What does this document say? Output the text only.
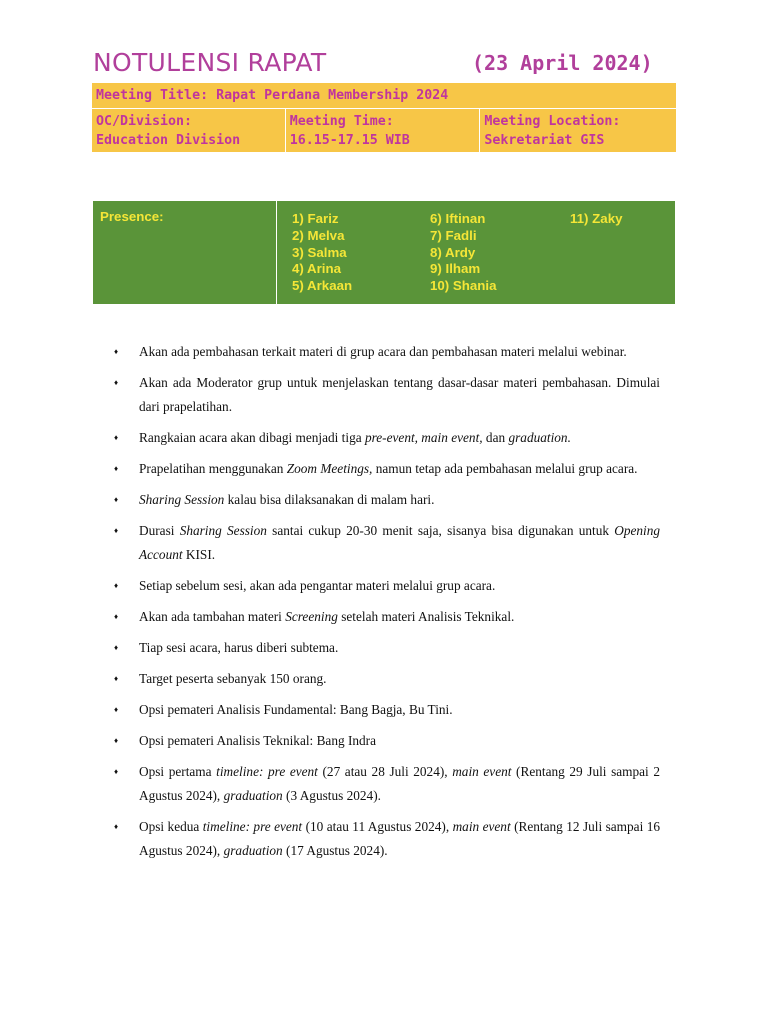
NOTULENSI RAPAT	(23 April 2024)
Meeting Title: Rapat Perdana Membership 2024

OC/Division:
Education Division

Meeting Time:
16.15-17.15 WIB

Meeting Location:
Sekretariat GIS
Presence:	1) Fariz
2) Melva
3) Salma
4) Arina
5) Arkaan
6) Iftinan
7) Fadli
8) Ardy
9) Ilham
10) Shania
11) Zaky
♦ Akan ada pembahasan terkait materi di grup acara dan pembahasan materi melalui webinar.
♦ Akan ada Moderator grup untuk menjelaskan tentang dasar-dasar materi pembahasan. Dimulai dari prapelatihan.
♦ Rangkaian acara akan dibagi menjadi tiga pre-event, main event, dan graduation.
♦ Prapelatihan menggunakan Zoom Meetings, namun tetap ada pembahasan melalui grup acara.
♦ Sharing Session kalau bisa dilaksanakan di malam hari.
♦ Durasi Sharing Session santai cukup 20-30 menit saja, sisanya bisa digunakan untuk Opening Account KISI.
♦ Setiap sebelum sesi, akan ada pengantar materi melalui grup acara.
♦ Akan ada tambahan materi Screening setelah materi Analisis Teknikal.
♦ Tiap sesi acara, harus diberi subtema.
♦ Target peserta sebanyak 150 orang.
♦ Opsi pemateri Analisis Fundamental: Bang Bagja, Bu Tini.
♦ Opsi pemateri Analisis Teknikal: Bang Indra
♦ Opsi pertama timeline: pre event (27 atau 28 Juli 2024), main event (Rentang 29 Juli sampai 2 Agustus 2024), graduation (3 Agustus 2024).
♦ Opsi kedua timeline: pre event (10 atau 11 Agustus 2024), main event (Rentang 12 Juli sampai 16 Agustus 2024), graduation (17 Agustus 2024).
